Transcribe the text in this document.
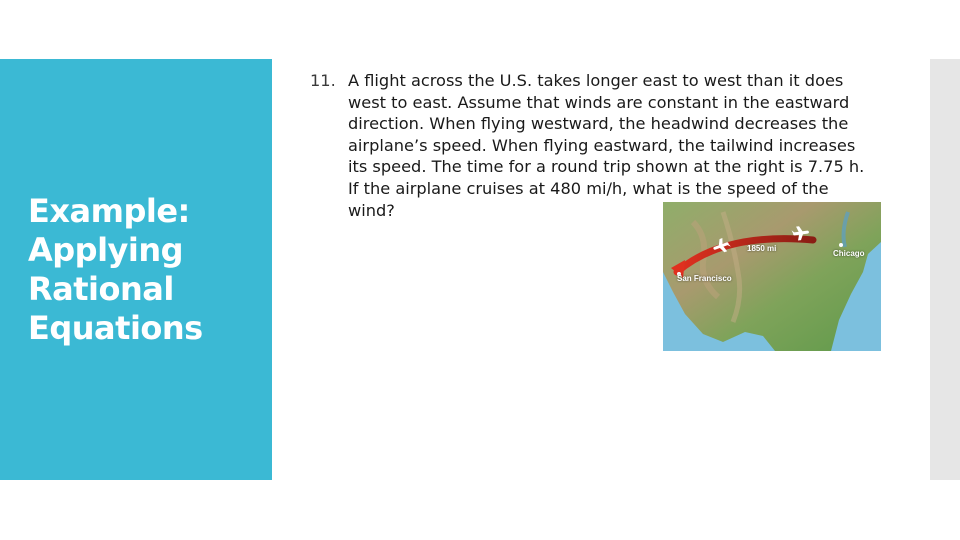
Example:
Applying
Rational
Equations
11. A flight across the U.S. takes longer east to west than it does west to east. Assume that winds are constant in the eastward direction. When flying westward, the headwind decreases the airplane’s speed. When flying eastward, the tailwind increases its speed. The time for a round trip shown at the right is 7.75 h. If the airplane cruises at 480 mi/h, what is the speed of the wind?
1850 mi
Chicago
San Francisco
